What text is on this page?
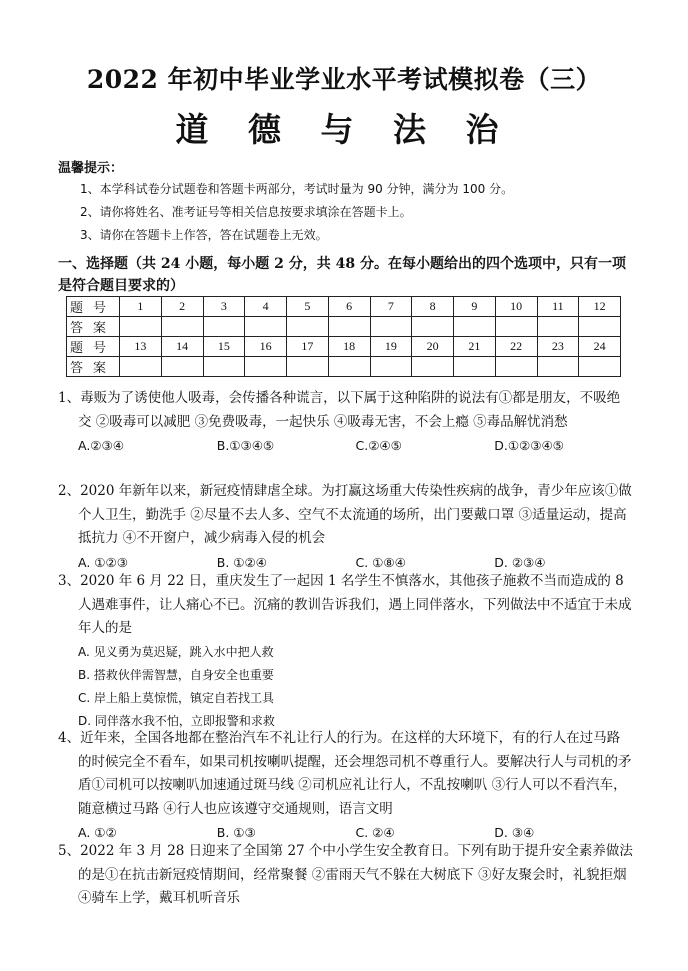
2022 年初中毕业学业水平考试模拟卷（三）
道 德 与 法 治
温馨提示：
1、本学科试卷分试题卷和答题卡两部分，考试时量为 90 分钟，满分为 100 分。
2、请你将姓名、准考证号等相关信息按要求填涂在答题卡上。
3、请你在答题卡上作答，答在试题卷上无效。
一、选择题（共 24 小题，每小题 2 分，共 48 分。在每小题给出的四个选项中，只有一项是符合题目要求的）
题号	1	2	3	4	5	6	7	8	9	10	11	12
答案												
题号	13	14	15	16	17	18	19	20	21	22	23	24
答案												

1、毒贩为了诱使他人吸毒，会传播各种谎言，以下属于这种陷阱的说法有①都是朋友，不吸绝交 ②吸毒可以减肥 ③免费吸毒，一起快乐 ④吸毒无害，不会上瘾 ⑤毒品解忧消愁

A.②③④	B.①③④⑤	C.②④⑤	D.①②③④⑤

2、2020 年新年以来，新冠疫情肆虐全球。为打赢这场重大传染性疾病的战争，青少年应该①做个人卫生，勤洗手 ②尽量不去人多、空气不太流通的场所，出门要戴口罩 ③适量运动，提高抵抗力 ④不开窗户，减少病毒入侵的机会

A. ①②③	B. ①②④	C. ①⑧④	D. ②③④

3、2020 年 6 月 22 日，重庆发生了一起因 1 名学生不慎落水，其他孩子施救不当而造成的 8 人遇难事件，让人痛心不已。沉痛的教训告诉我们，遇上同伴落水，下列做法中不适宜于未成年人的是

A. 见义勇为莫迟疑，跳入水中把人救

B. 搭救伙伴需智慧，自身安全也重要

C. 岸上船上莫惊慌，镇定自若找工具

D. 同伴落水我不怕，立即报警和求救

4、近年来，全国各地都在整治汽车不礼让行人的行为。在这样的大环境下，有的行人在过马路的时候完全不看车，如果司机按喇叭提醒，还会埋怨司机不尊重行人。要解决行人与司机的矛盾①司机可以按喇叭加速通过斑马线 ②司机应礼让行人，不乱按喇叭 ③行人可以不看汽车，随意横过马路 ④行人也应该遵守交通规则，语言文明

A. ①②	B. ①③	C. ②④	D. ③④

5、2022 年 3 月 28 日迎来了全国第 27 个中小学生安全教育日。下列有助于提升安全素养做法的是①在抗击新冠疫情期间，经常聚餐 ②雷雨天气不躲在大树底下 ③好友聚会时，礼貌拒烟 ④骑车上学，戴耳机听音乐
